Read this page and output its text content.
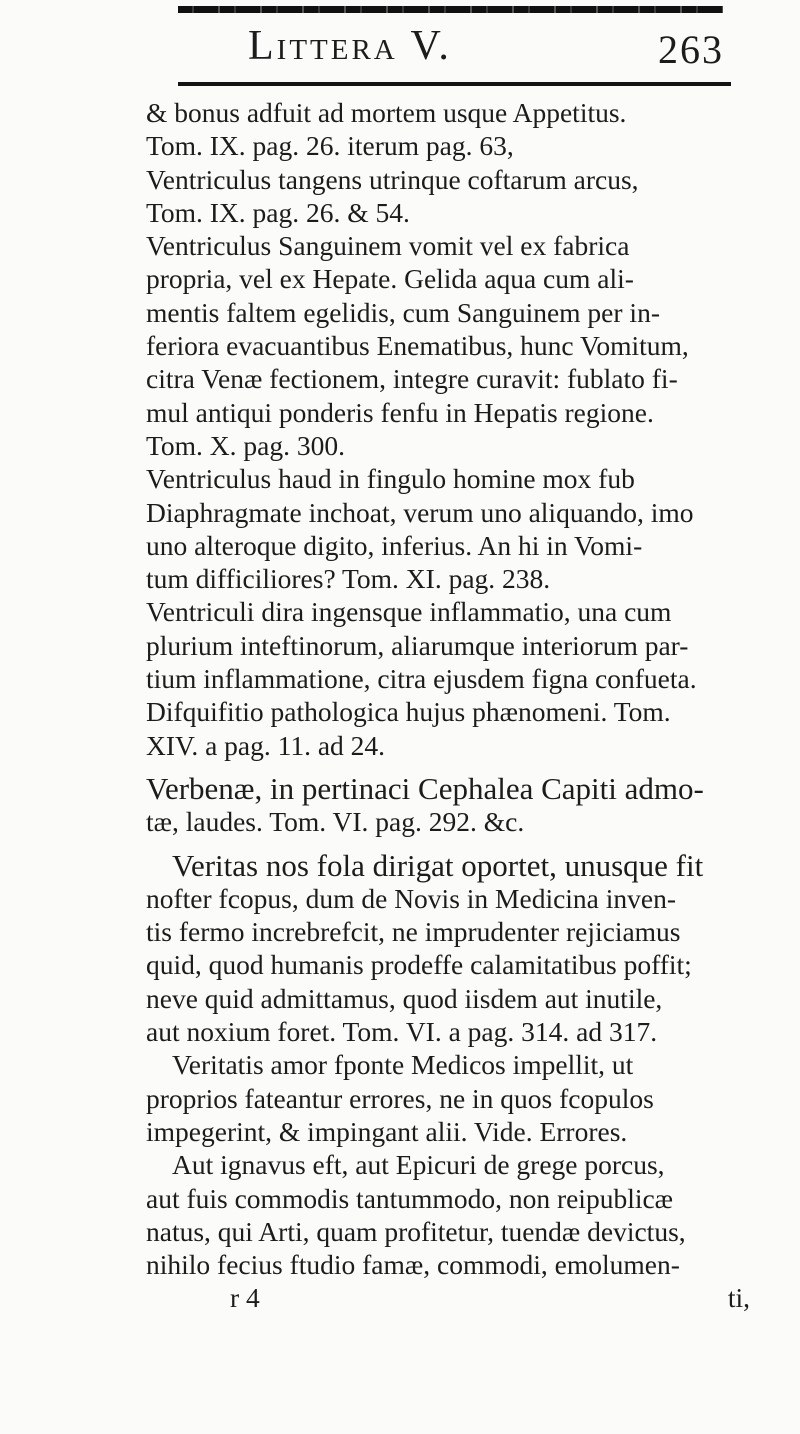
Littera V.	263
& bonus adfuit ad mortem usque Appetitus.
Tom. IX. pag. 26. iterum pag. 63,
Ventriculus tangens utrinque coftarum arcus,
Tom. IX. pag. 26. & 54.
Ventriculus Sanguinem vomit vel ex fabrica
propria, vel ex Hepate. Gelida aqua cum ali-
mentis faltem egelidis, cum Sanguinem per in-
feriora evacuantibus Enematibus, hunc Vomitum,
citra Venæ fectionem, integre curavit: fublato fi-
mul antiqui ponderis fenfu in Hepatis regione.
Tom. X. pag. 300.
Ventriculus haud in fingulo homine mox fub
Diaphragmate inchoat, verum uno aliquando, imo
uno alteroque digito, inferius. An hi in Vomi-
tum difficiliores? Tom. XI. pag. 238.
Ventriculi dira ingensque inflammatio, una cum
plurium inteftinorum, aliarumque interiorum par-
tium inflammatione, citra ejusdem figna confueta.
Difquifitio pathologica hujus phænomeni. Tom.
XIV. a pag. 11. ad 24.
Verbenæ, in pertinaci Cephalea Capiti admo-
tæ, laudes. Tom. VI. pag. 292. &c.
Veritas nos fola dirigat oportet, unusque fit
nofter fcopus, dum de Novis in Medicina inven-
tis fermo increbrefcit, ne imprudenter rejiciamus
quid, quod humanis prodeffe calamitatibus poffit;
neve quid admittamus, quod iisdem aut inutile,
aut noxium foret. Tom. VI. a pag. 314. ad 317.
Veritatis amor fponte Medicos impellit, ut
proprios fateantur errores, ne in quos fcopulos
impegerint, & impingant alii. Vide. Errores.
Aut ignavus eft, aut Epicuri de grege porcus,
aut fuis commodis tantummodo, non reipublicæ
natus, qui Arti, quam profitetur, tuendæ devictus,
nihilo fecius ftudio famæ, commodi, emolumen-
r 4	ti,
